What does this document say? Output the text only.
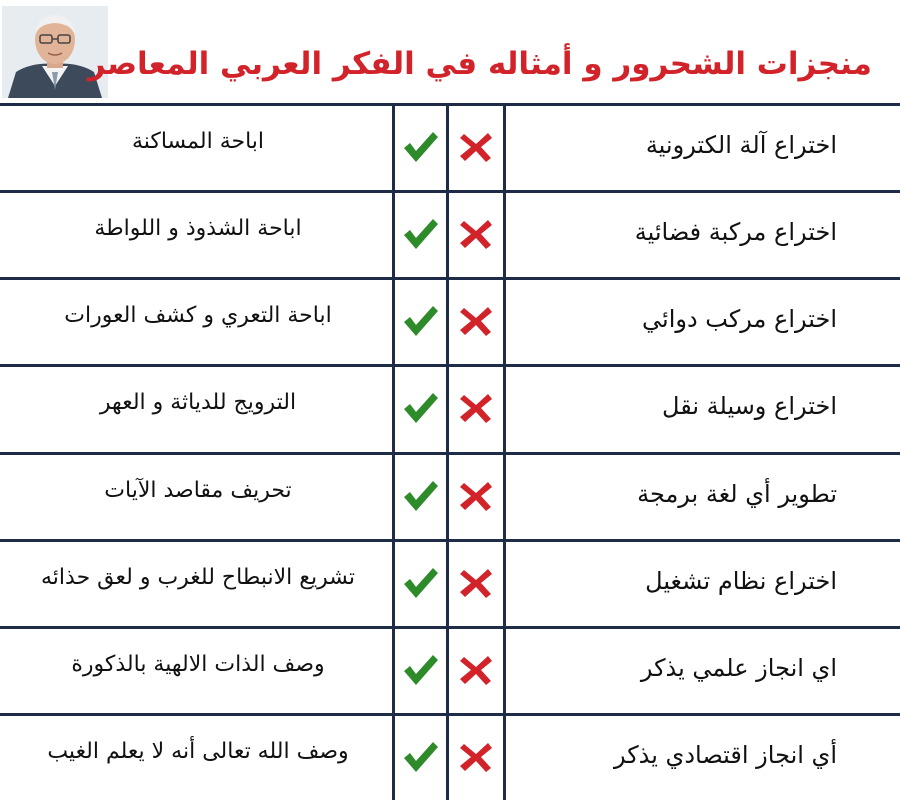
منجزات الشحرور و أمثاله في الفكر العربي المعاصر
اختراع آلة الكترونية
اباحة المساكنة
اختراع مركبة فضائية
اباحة الشذوذ و اللواطة
اختراع مركب دوائي
اباحة التعري و كشف العورات
اختراع وسيلة نقل
الترويج للدياثة و العهر
تطوير أي لغة برمجة
تحريف مقاصد الآيات
اختراع نظام تشغيل
تشريع الانبطاح للغرب و لعق حذائه
اي انجاز علمي يذكر
وصف الذات الالهية بالذكورة
أي انجاز اقتصادي يذكر
وصف الله تعالى أنه لا يعلم الغيب
